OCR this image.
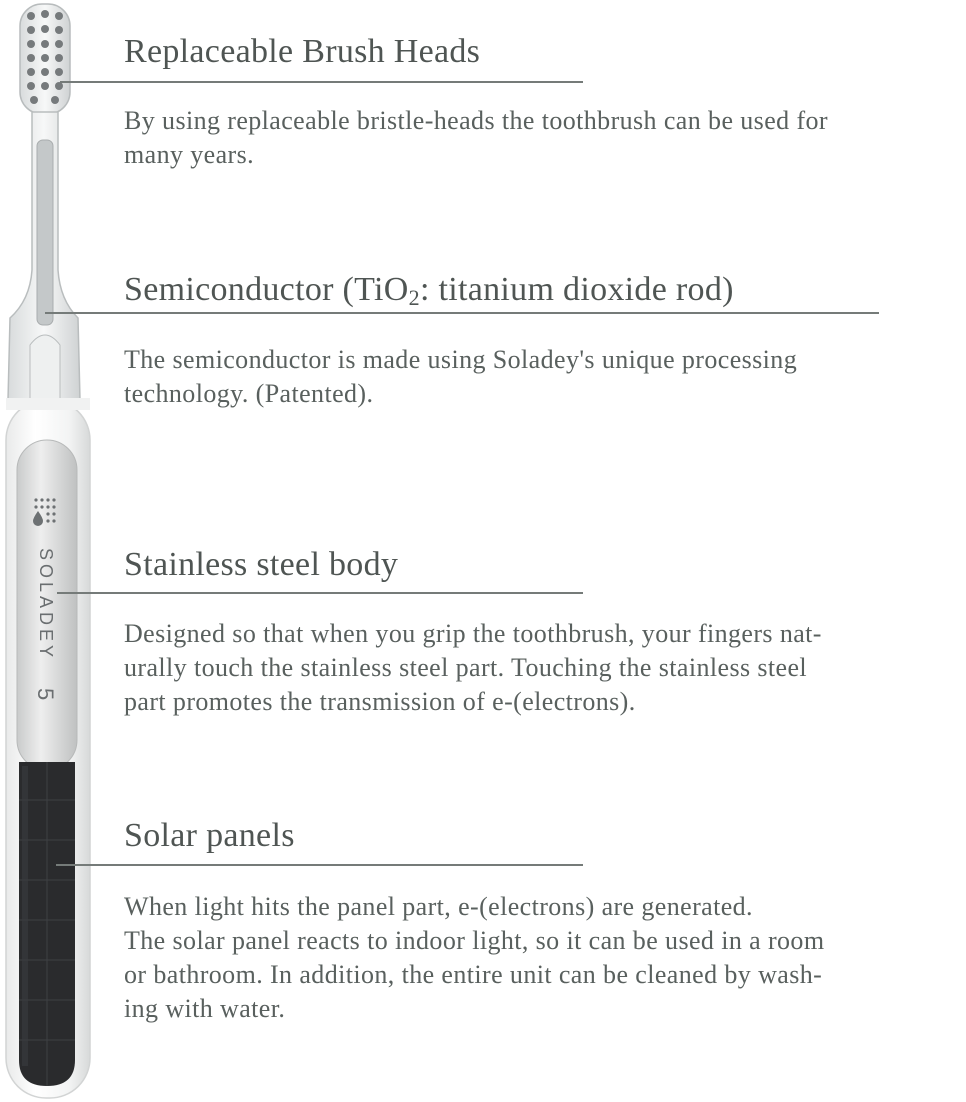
SOLADEY
5
Replaceable Brush Heads

By using replaceable bristle-heads the toothbrush can be used for
many years.

Semiconductor (TiO2: titanium dioxide rod)

The semiconductor is made using Soladey's unique processing
technology. (Patented).

Stainless steel body

Designed so that when you grip the toothbrush, your fingers nat-
urally touch the stainless steel part. Touching the stainless steel
part promotes the transmission of e-(electrons).

Solar panels

When light hits the panel part, e-(electrons) are generated.
The solar panel reacts to indoor light, so it can be used in a room
or bathroom. In addition, the entire unit can be cleaned by wash-
ing with water.
